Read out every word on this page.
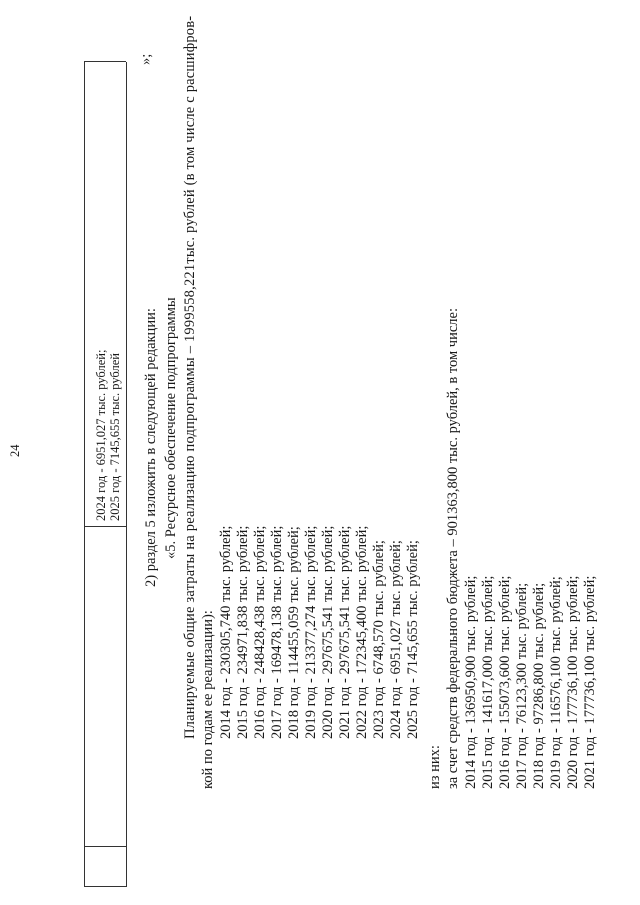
24	2024 год - 6951,027 тыс. рублей; 2025 год - 7145,655 тыс. рублей
»;
2) раздел 5 изложить в следующей редакции: «5. Ресурсное обеспечение подпрограммы Планируемые общие затраты на реализацию подпрограммы – 1999558,221тыс. рублей (в том числе с расшифров- кой по годам ее реализации): 2014 год - 230305,740 тыс. рублей; 2015 год - 234971,838 тыс. рублей; 2016 год - 248428,438 тыс. рублей; 2017 год - 169478,138 тыс. рублей; 2018 год - 114455,059 тыс. рублей; 2019 год - 213377,274 тыс. рублей; 2020 год - 297675,541 тыс. рублей; 2021 год - 297675,541 тыс. рублей; 2022 год - 172345,400 тыс. рублей; 2023 год - 6748,570 тыс. рублей; 2024 год - 6951,027 тыс. рублей; 2025 год - 7145,655 тыс. рублей;
из них: за счет средств федерального бюджета – 901363,800 тыс. рублей, в том числе: 2014 год - 136950,900 тыс. рублей; 2015 год - 141617,000 тыс. рублей; 2016 год - 155073,600 тыс. рублей; 2017 год - 76123,300 тыс. рублей; 2018 год - 97286,800 тыс. рублей; 2019 год - 116576,100 тыс. рублей; 2020 год - 177736,100 тыс. рублей; 2021 год - 177736,100 тыс. рублей;
